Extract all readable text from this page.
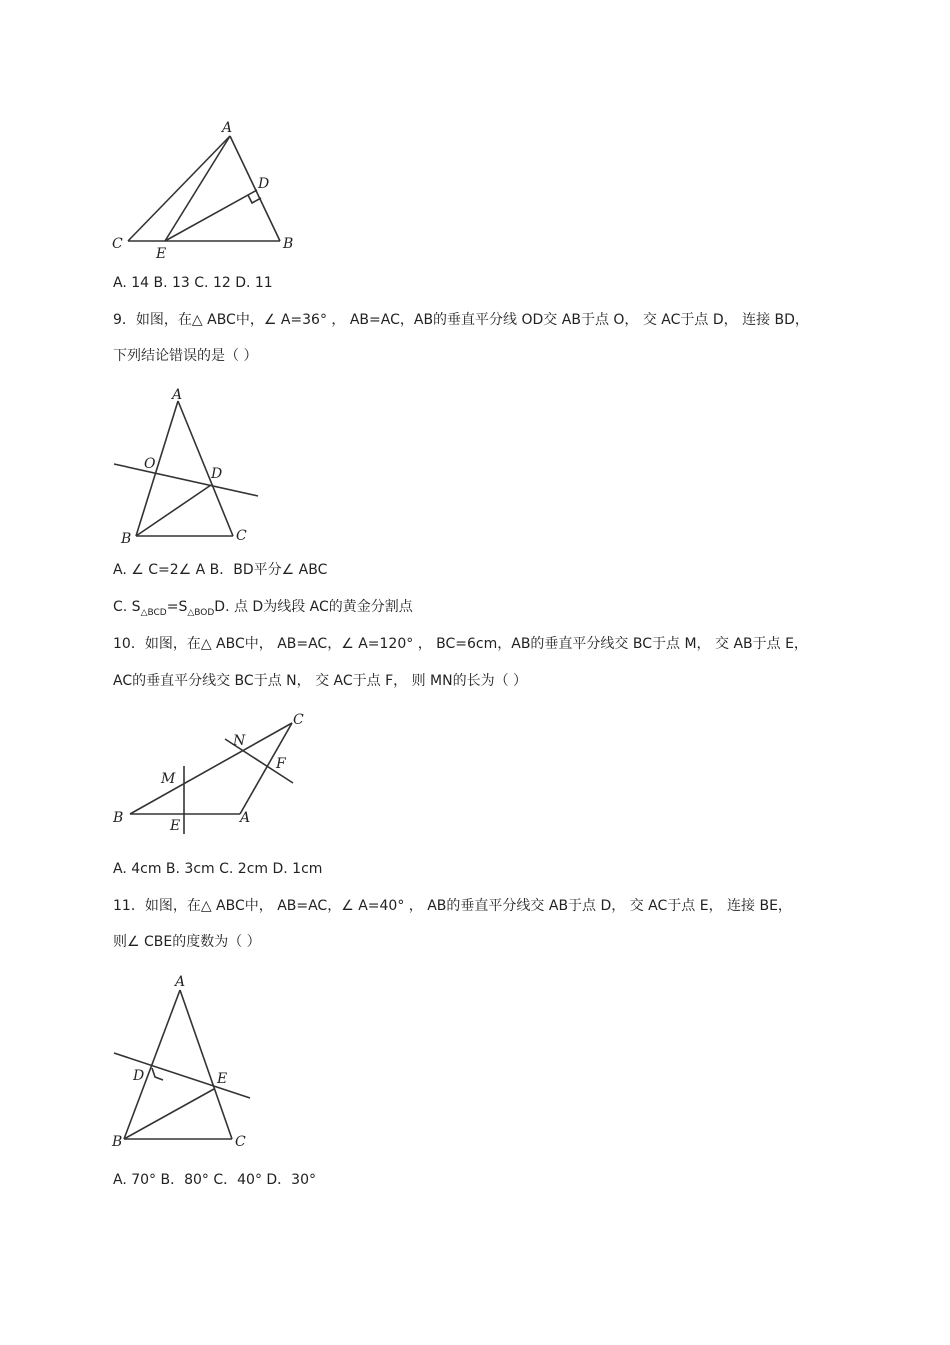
A
D
C
E
B
A. 14 B. 13 C. 12 D. 11
9．如图，在△ ABC中，∠ A=36° ， AB=AC，AB的垂直平分线 OD交 AB于点 O， 交 AC于点 D， 连接 BD，
下列结论错误的是（ ）
A
O
D
B	C
A. ∠ C=2∠ A B．BD平分∠ ABC
C. $S_{\triangle BCD}=S_{\triangle BOD}D$. 点 D为线段 AC的黄金分割点
10．如图，在△ ABC中， AB=AC，∠ A=120° ， BC=6cm，AB的垂直平分线交 BC于点 M， 交 AB于点 E，
AC的垂直平分线交 BC于点 N， 交 AC于点 F， 则 MN的长为（ ）
C
N
M
F
B	E	A
A. 4cm B. 3cm C. 2cm D. 1cm
11．如图，在△ ABC中， AB=AC，∠ A=40° ， AB的垂直平分线交 AB于点 D， 交 AC于点 E， 连接 BE，
则∠ CBE的度数为（ ）
A
D	E
B	C
A. 70° B．80° C．40° D．30°
